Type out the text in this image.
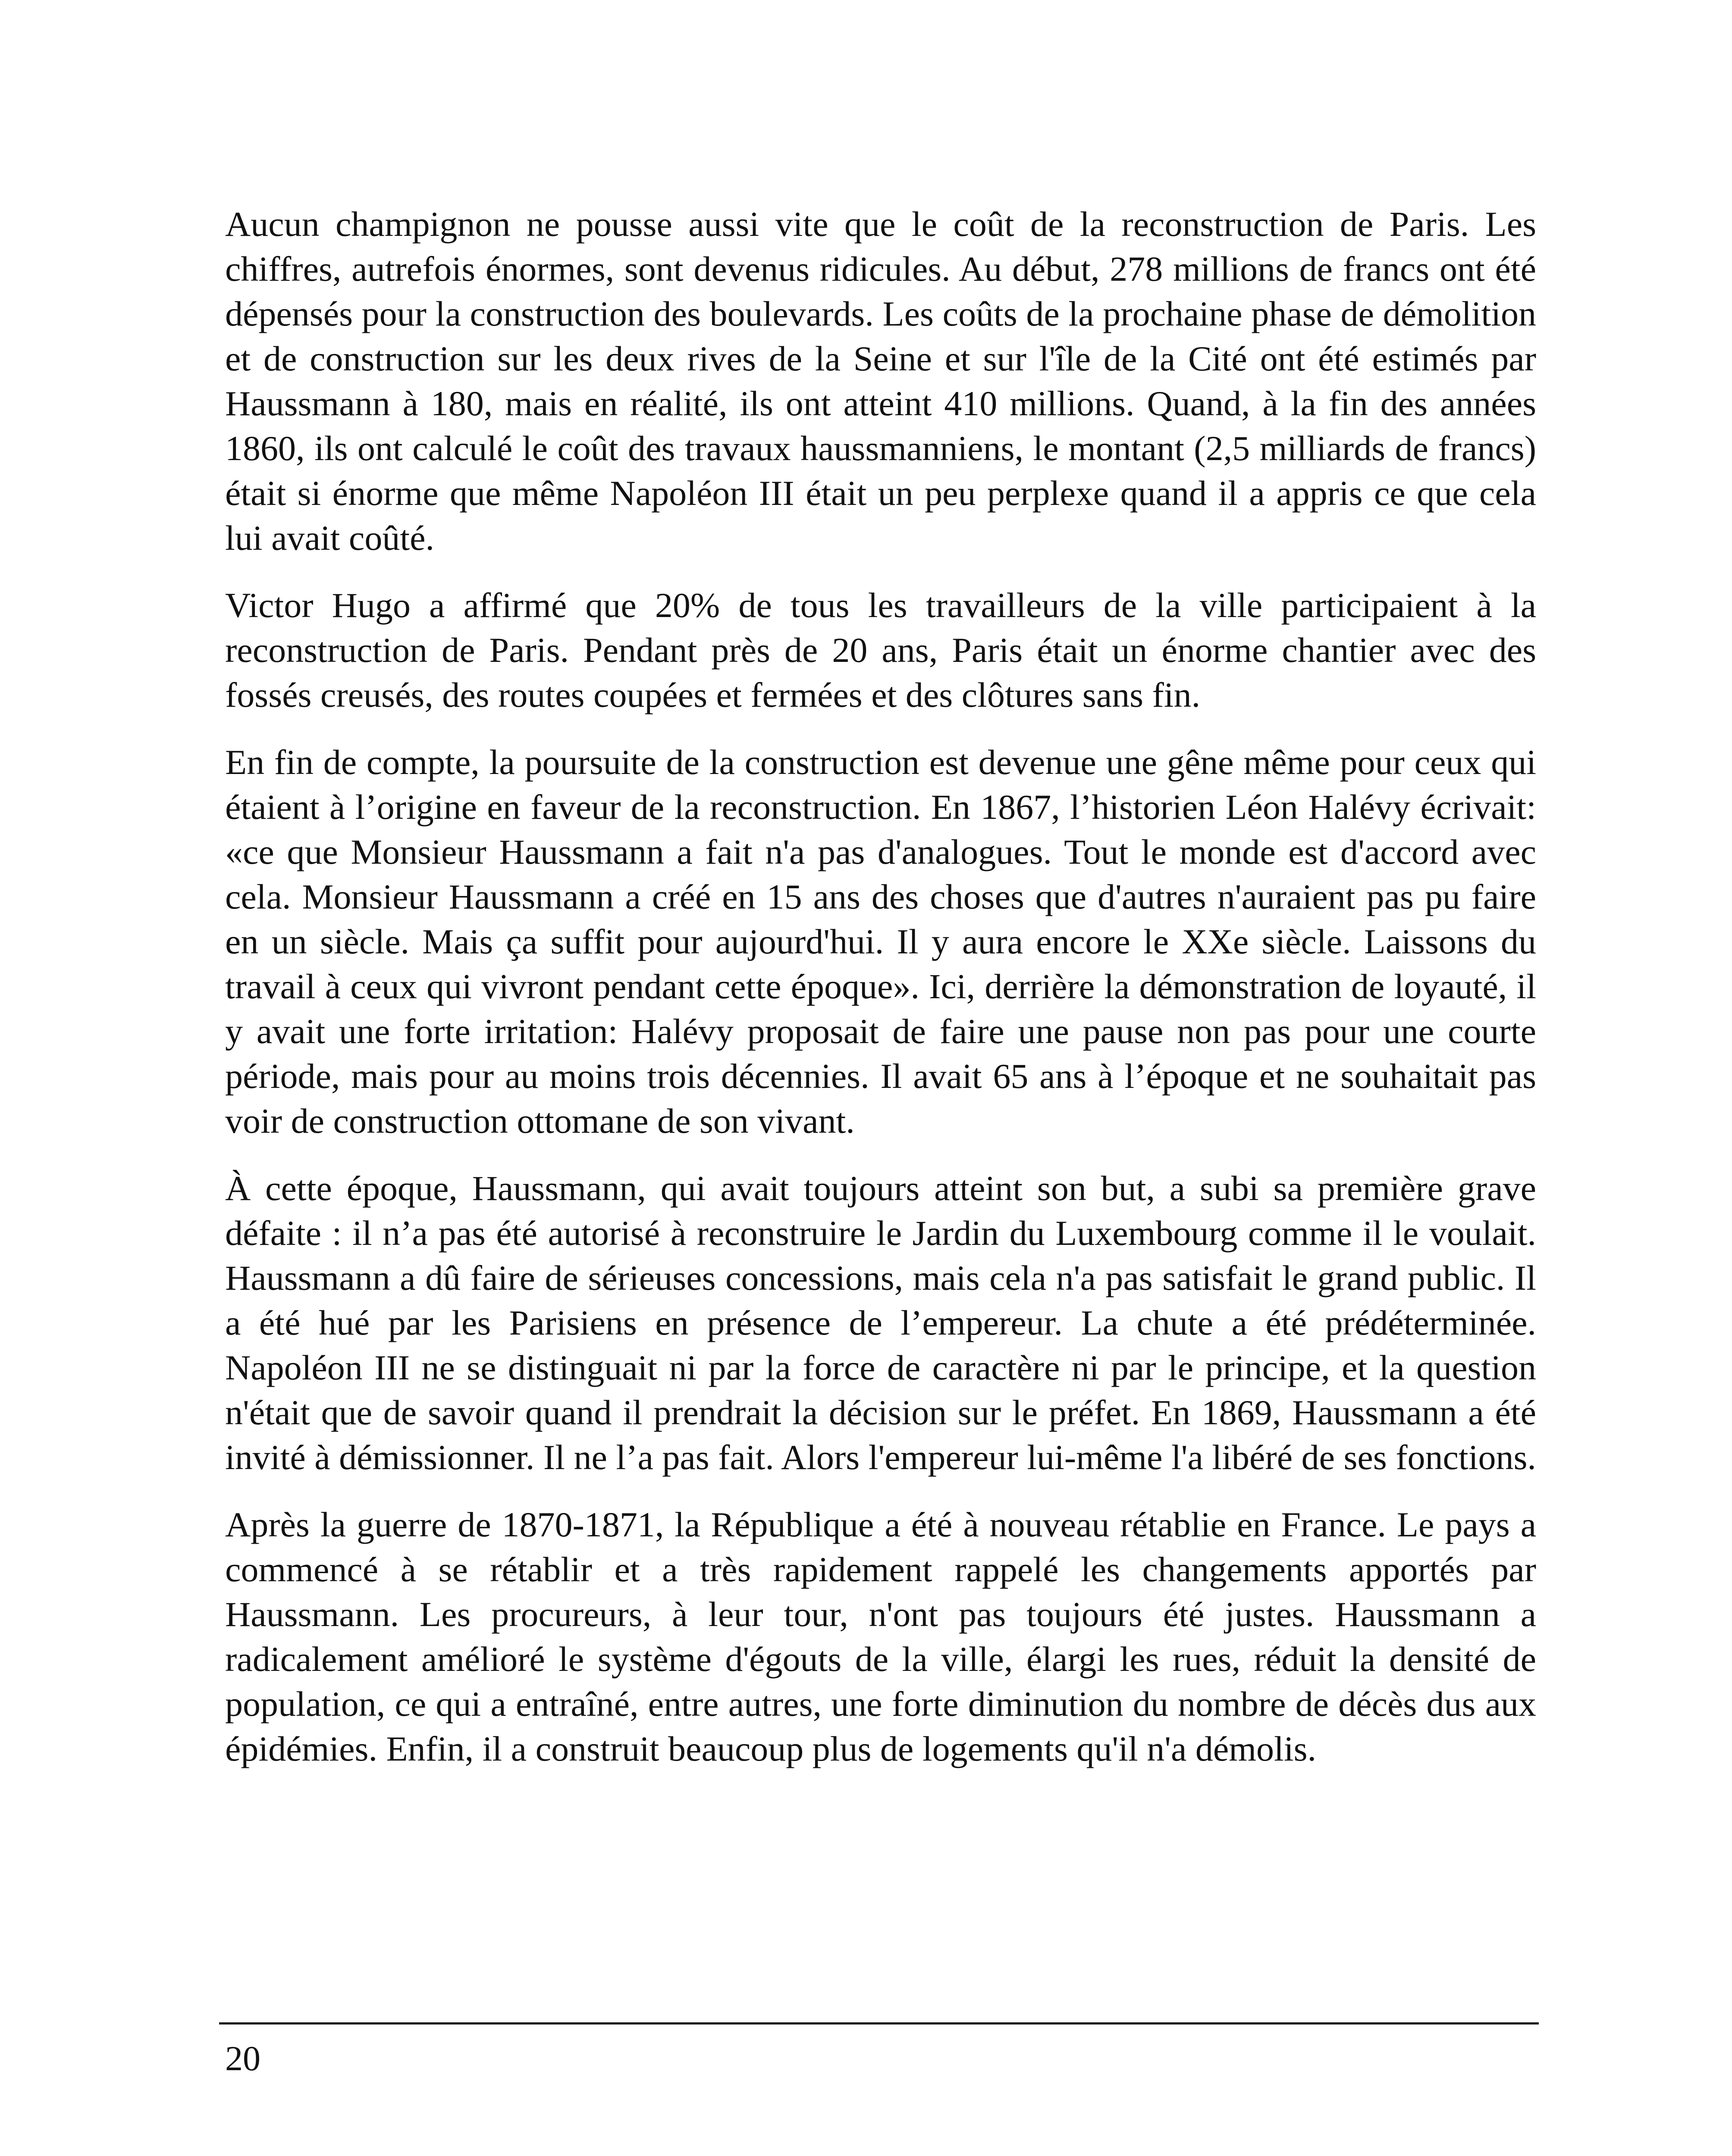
Aucun champignon ne pousse aussi vite que le coût de la reconstruction de Paris. Les chiffres, autrefois énormes, sont devenus ridicules. Au début, 278 millions de francs ont été dépensés pour la construction des boulevards. Les coûts de la prochaine phase de démolition et de construction sur les deux rives de la Seine et sur l'île de la Cité ont été estimés par Haussmann à 180, mais en réalité, ils ont atteint 410 millions. Quand, à la fin des années 1860, ils ont calculé le coût des travaux haussmanniens, le montant (2,5 milliards de francs) était si énorme que même Napoléon III était un peu perplexe quand il a appris ce que cela lui avait coûté.

Victor Hugo a affirmé que 20% de tous les travailleurs de la ville participaient à la reconstruction de Paris. Pendant près de 20 ans, Paris était un énorme chantier avec des fossés creusés, des routes coupées et fermées et des clôtures sans fin.

En fin de compte, la poursuite de la construction est devenue une gêne même pour ceux qui étaient à l’origine en faveur de la reconstruction. En 1867, l’historien Léon Halévy écrivait: «ce que Monsieur Haussmann a fait n'a pas d'analogues. Tout le monde est d'accord avec cela. Monsieur Haussmann a créé en 15 ans des choses que d'autres n'auraient pas pu faire en un siècle. Mais ça suffit pour aujourd'hui. Il y aura encore le XXe siècle. Laissons du travail à ceux qui vivront pendant cette époque». Ici, derrière la démonstration de loyauté, il y avait une forte irritation: Halévy proposait de faire une pause non pas pour une courte période, mais pour au moins trois décennies. Il avait 65 ans à l’époque et ne souhaitait pas voir de construction ottomane de son vivant.

À cette époque, Haussmann, qui avait toujours atteint son but, a subi sa première grave défaite : il n’a pas été autorisé à reconstruire le Jardin du Luxembourg comme il le voulait. Haussmann a dû faire de sérieuses concessions, mais cela n'a pas satisfait le grand public. Il a été hué par les Parisiens en présence de l’empereur. La chute a été prédéterminée. Napoléon III ne se distinguait ni par la force de caractère ni par le principe, et la question n'était que de savoir quand il prendrait la décision sur le préfet. En 1869, Haussmann a été invité à démissionner. Il ne l’a pas fait. Alors l'empereur lui-même l'a libéré de ses fonctions.

Après la guerre de 1870-1871, la République a été à nouveau rétablie en France. Le pays a commencé à se rétablir et a très rapidement rappelé les changements apportés par Haussmann. Les procureurs, à leur tour, n'ont pas toujours été justes. Haussmann a radicalement amélioré le système d'égouts de la ville, élargi les rues, réduit la densité de population, ce qui a entraîné, entre autres, une forte diminution du nombre de décès dus aux épidémies. Enfin, il a construit beaucoup plus de logements qu'il n'a démolis.

20
